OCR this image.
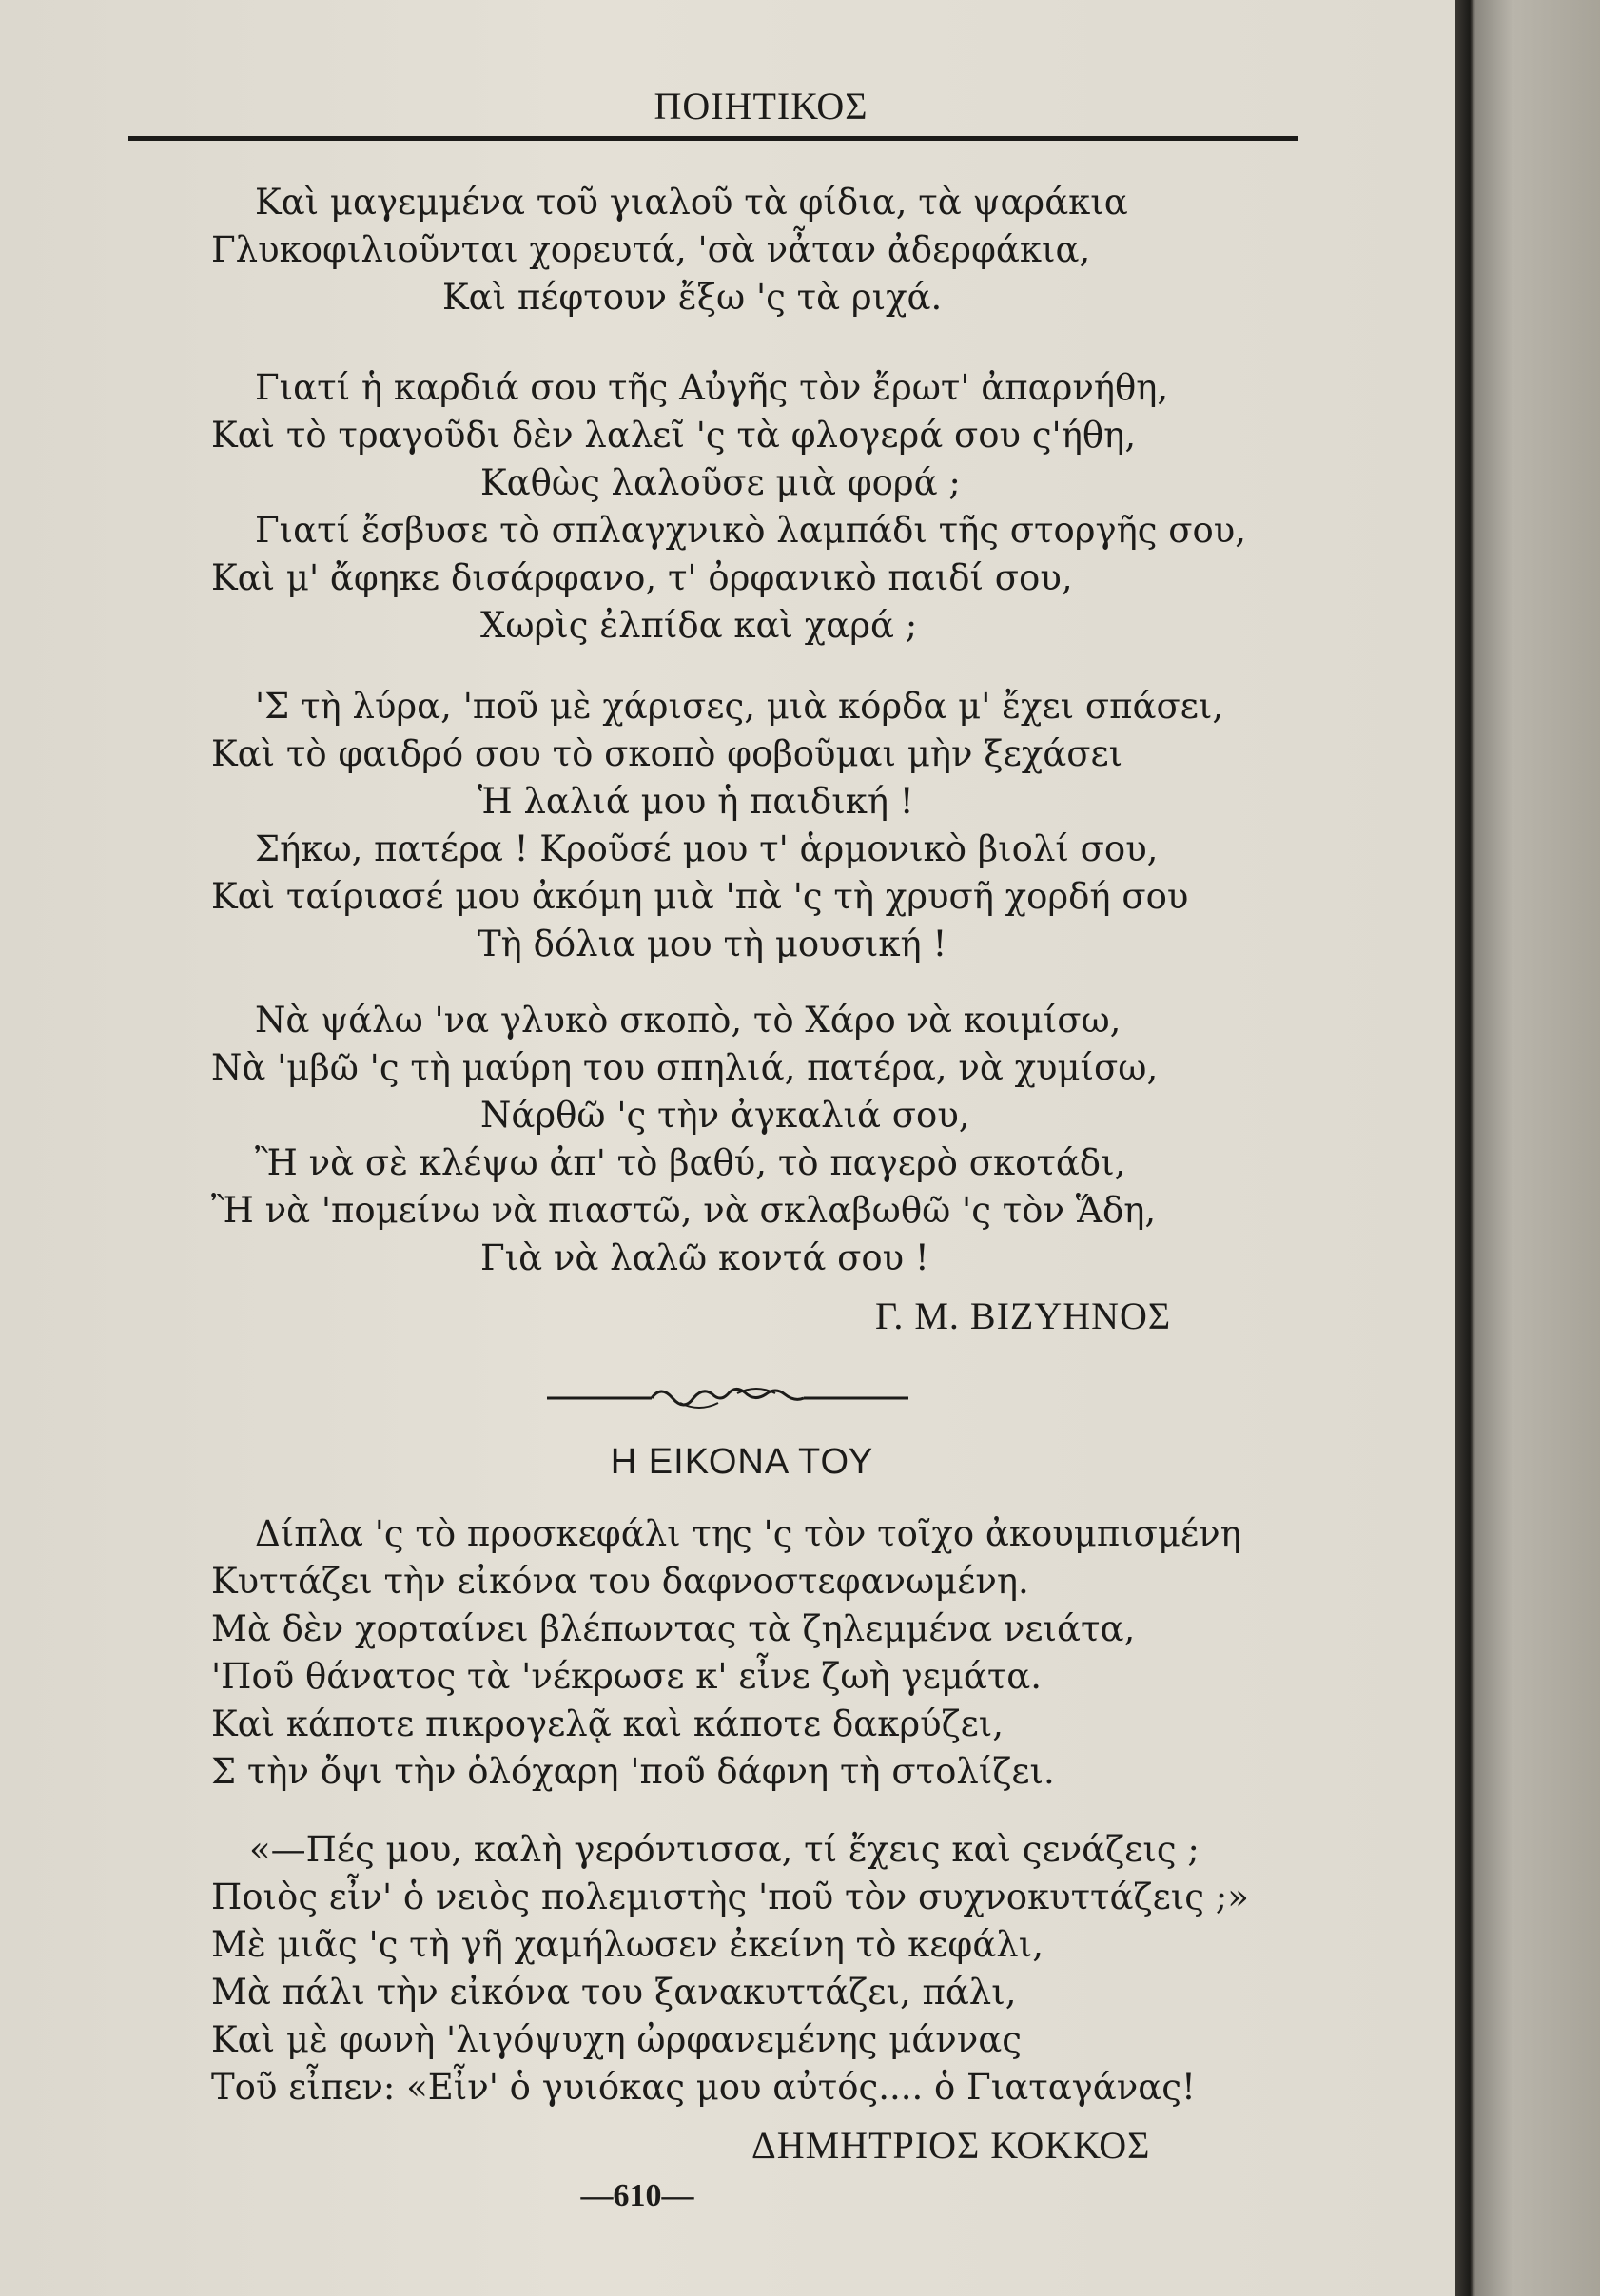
ΠΟΙΗΤΙΚΟΣ
Καὶ μαγεμμένα τοῦ γιαλοῦ τὰ φίδια, τὰ ψαράκια
Γλυκοφιλιοῦνται χορευτά, 'σὰ νἆταν ἀδερφάκια,
Καὶ πέφτουν ἔξω 'ς τὰ ριχά.
Γιατί ἡ καρδιά σου τῆς Αὐγῆς τὸν ἔρωτ' ἀπαρνήθη,
Καὶ τὸ τραγοῦδι δὲν λαλεῖ 'ς τὰ φλογερά σου ς'ήθη,
Καθὼς λαλοῦσε μιὰ φορά ;
Γιατί ἔσβυσε τὸ σπλαγχνικὸ λαμπάδι τῆς στοργῆς σου,
Καὶ μ' ἄφηκε δισάρφανο, τ' ὀρφανικὸ παιδί σου,
Χωρὶς ἐλπίδα καὶ χαρά ;
'Σ τὴ λύρα, 'ποῦ μὲ χάρισες, μιὰ κόρδα μ' ἔχει σπάσει,
Καὶ τὸ φαιδρό σου τὸ σκοπὸ φοβοῦμαι μὴν ξεχάσει
Ἡ λαλιά μου ἡ παιδική !
Σήκω, πατέρα ! Κροῦσέ μου τ' ἁρμονικὸ βιολί σου,
Καὶ ταίριασέ μου ἀκόμη μιὰ 'πὰ 'ς τὴ χρυσῆ χορδή σου
Τὴ δόλια μου τὴ μουσική !
Νὰ ψάλω 'να γλυκὸ σκοπὸ, τὸ Χάρο νὰ κοιμίσω,
Νὰ 'μβῶ 'ς τὴ μαύρη του σπηλιά, πατέρα, νὰ χυμίσω,
Νάρθῶ 'ς τὴν ἀγκαλιά σου,
Ἢ νὰ σὲ κλέψω ἀπ' τὸ βαθύ, τὸ παγερὸ σκοτάδι,
Ἢ νὰ 'πομείνω νὰ πιαστῶ, νὰ σκλαβωθῶ 'ς τὸν Ἅδη,
Γιὰ νὰ λαλῶ κοντά σου !
Γ. Μ. ΒΙΖΥΗΝΟΣ
Η ΕΙΚΟΝΑ ΤΟΥ
Δίπλα 'ς τὸ προσκεφάλι της 'ς τὸν τοῖχο ἀκουμπισμένη
Κυττάζει τὴν εἰκόνα του δαφνοστεφανωμένη.
Μὰ δὲν χορταίνει βλέπωντας τὰ ζηλεμμένα νειάτα,
'Ποῦ θάνατος τὰ 'νέκρωσε κ' εἶνε ζωὴ γεμάτα.
Καὶ κάποτε πικρογελᾷ καὶ κάποτε δακρύζει,
Σ τὴν ὄψι τὴν ὁλόχαρη 'ποῦ δάφνη τὴ στολίζει.
«—Πές μου, καλὴ γερόντισσα, τί ἔχεις καὶ ςενάζεις ;
Ποιὸς εἶν' ὁ νειὸς πολεμιστὴς 'ποῦ τὸν συχνοκυττάζεις ;»
Μὲ μιᾶς 'ς τὴ γῆ χαμήλωσεν ἐκείνη τὸ κεφάλι,
Μὰ πάλι τὴν εἰκόνα του ξανακυττάζει, πάλι,
Καὶ μὲ φωνὴ 'λιγόψυχη ὠρφανεμένης μάννας
Τοῦ εἶπεν: «Εἶν' ὁ γυιόκας μου αὐτός.... ὁ Γιαταγάνας!
ΔΗΜΗΤΡΙΟΣ ΚΟΚΚΟΣ
—610—
